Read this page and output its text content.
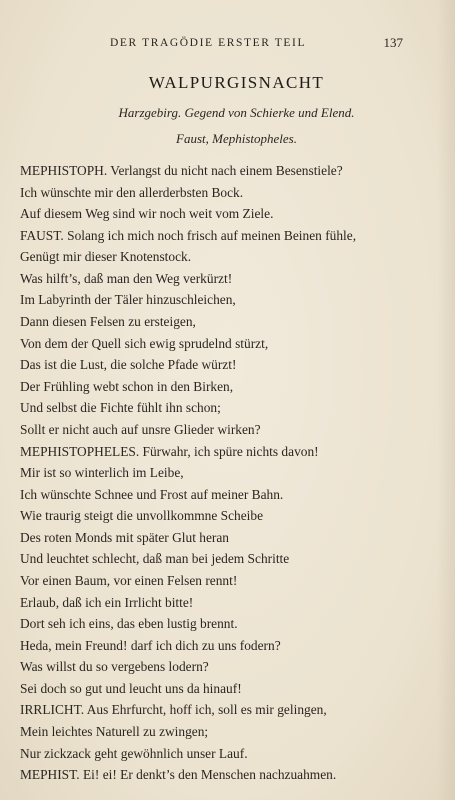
DER TRAGÖDIE ERSTER TEIL	137
WALPURGISNACHT
Harzgebirg. Gegend von Schierke und Elend.
Faust, Mephistopheles.
MEPHISTOPH. Verlangst du nicht nach einem Besenstiele?
Ich wünschte mir den allerderbsten Bock.
Auf diesem Weg sind wir noch weit vom Ziele.
FAUST. Solang ich mich noch frisch auf meinen Beinen fühle,
Genügt mir dieser Knotenstock.
Was hilft’s, daß man den Weg verkürzt!
Im Labyrinth der Täler hinzuschleichen,
Dann diesen Felsen zu ersteigen,
Von dem der Quell sich ewig sprudelnd stürzt,
Das ist die Lust, die solche Pfade würzt!
Der Frühling webt schon in den Birken,
Und selbst die Fichte fühlt ihn schon;
Sollt er nicht auch auf unsre Glieder wirken?
MEPHISTOPHELES. Fürwahr, ich spüre nichts davon!
Mir ist so winterlich im Leibe,
Ich wünschte Schnee und Frost auf meiner Bahn.
Wie traurig steigt die unvollkommne Scheibe
Des roten Monds mit später Glut heran
Und leuchtet schlecht, daß man bei jedem Schritte
Vor einen Baum, vor einen Felsen rennt!
Erlaub, daß ich ein Irrlicht bitte!
Dort seh ich eins, das eben lustig brennt.
Heda, mein Freund! darf ich dich zu uns fodern?
Was willst du so vergebens lodern?
Sei doch so gut und leucht uns da hinauf!
IRRLICHT. Aus Ehrfurcht, hoff ich, soll es mir gelingen,
Mein leichtes Naturell zu zwingen;
Nur zickzack geht gewöhnlich unser Lauf.
MEPHIST. Ei! ei! Er denkt’s den Menschen nachzuahmen.
